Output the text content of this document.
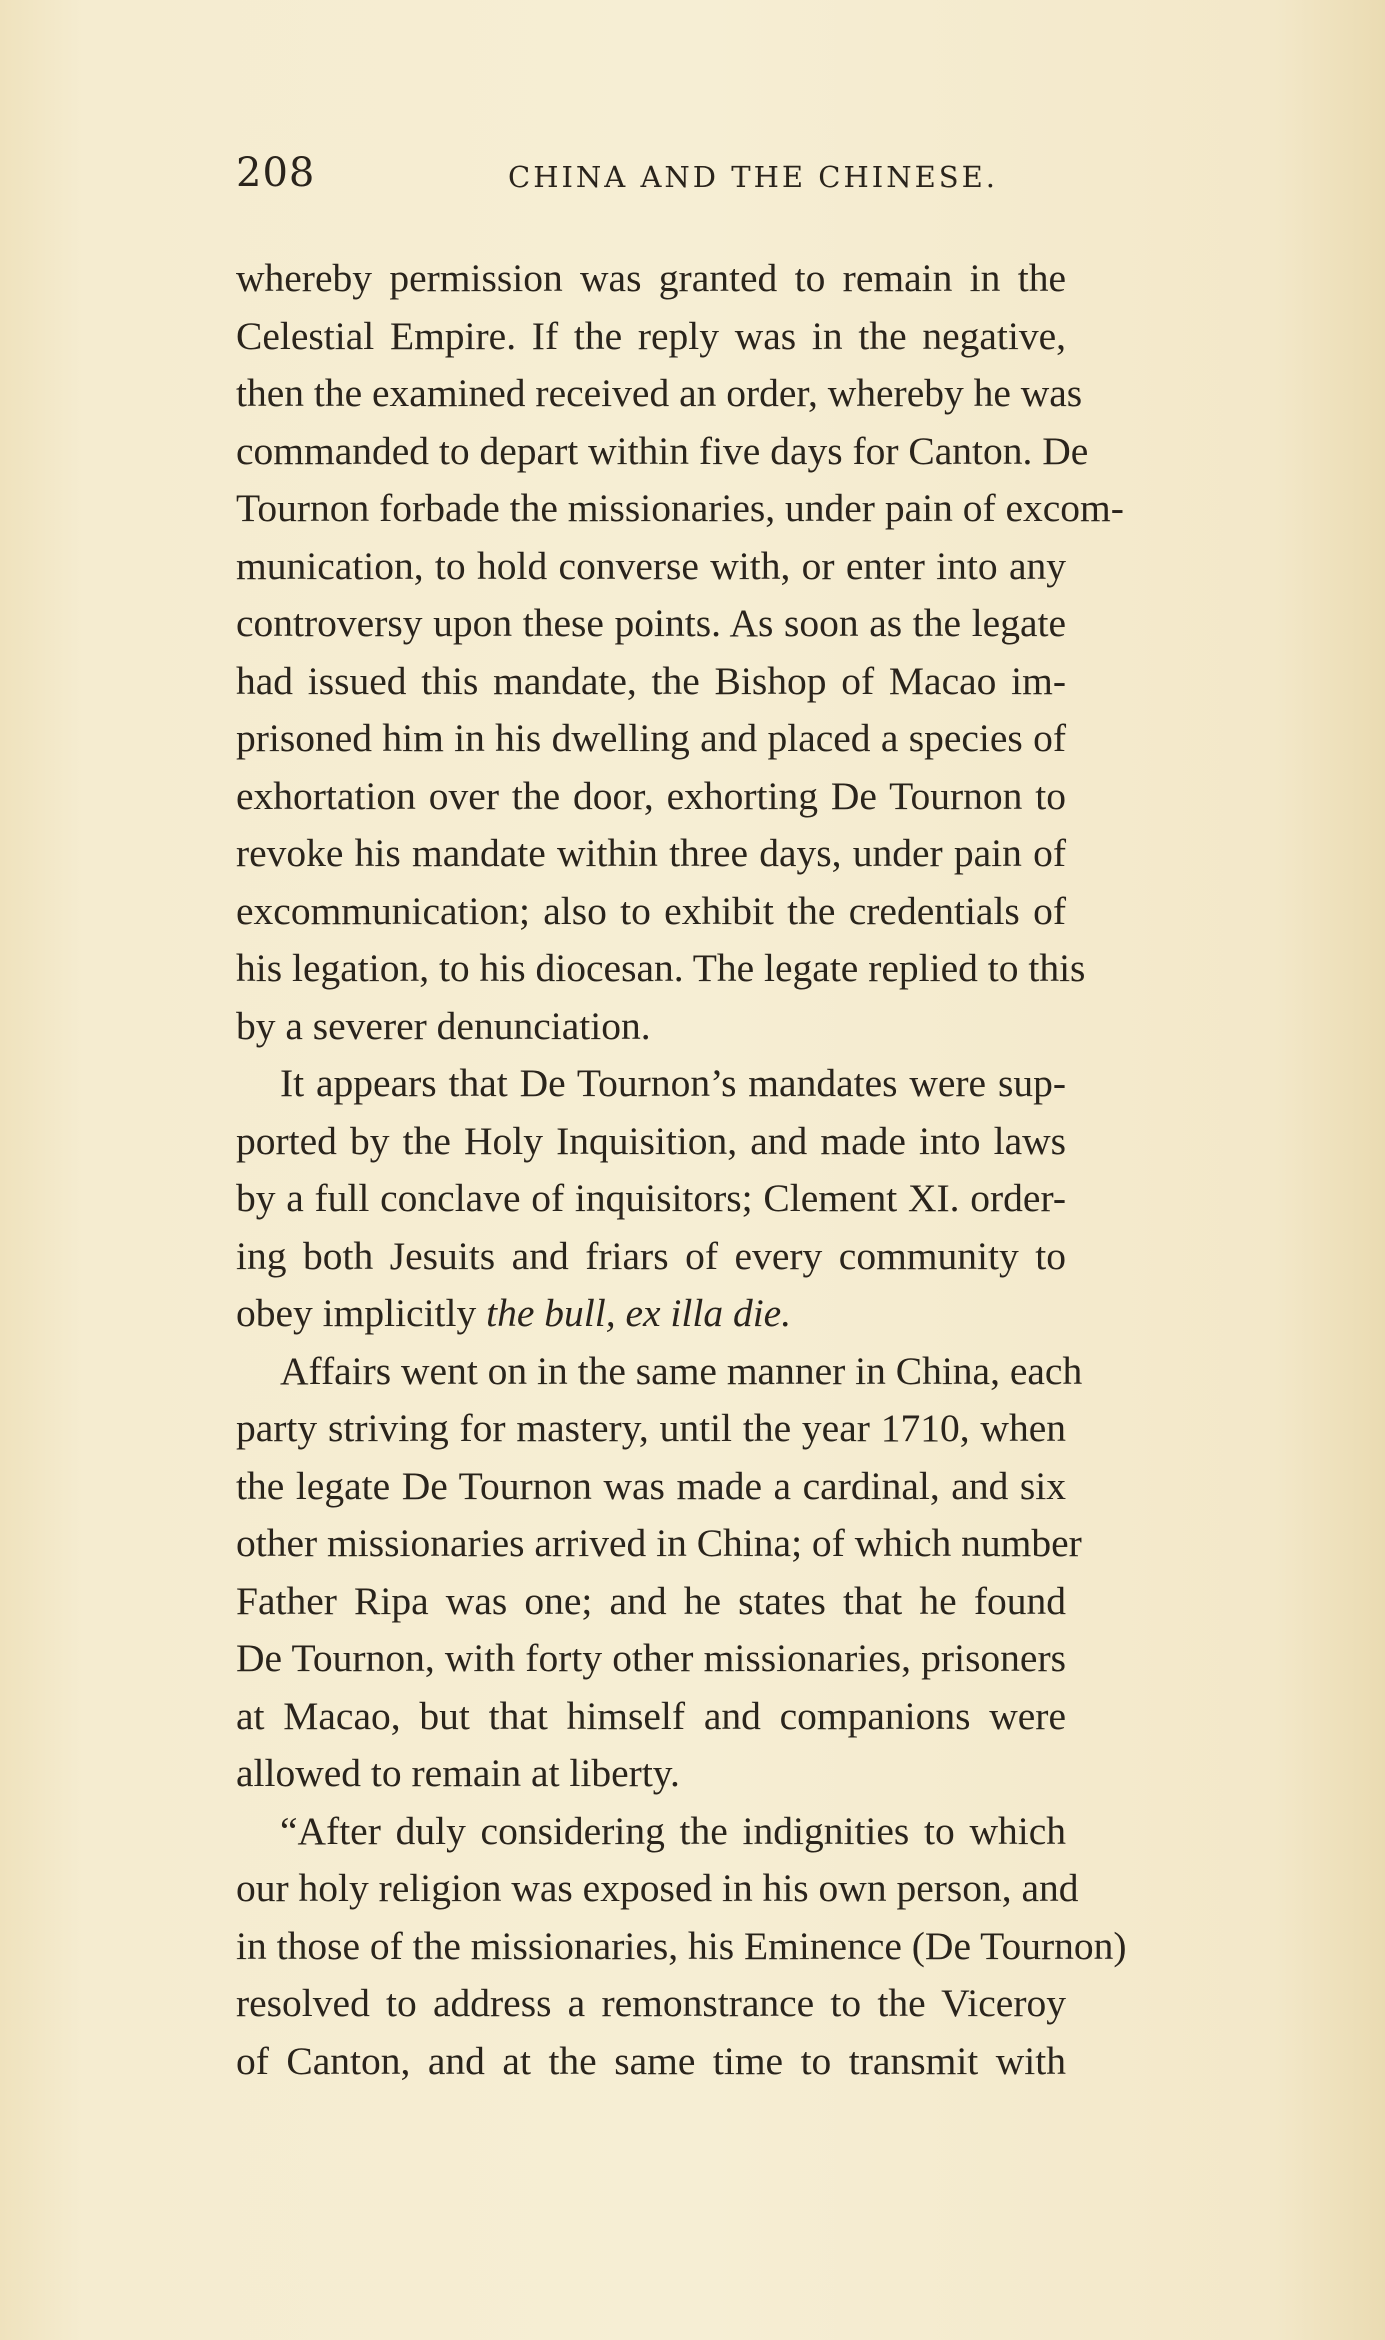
208	CHINA AND THE CHINESE.
whereby permission was granted to remain in the
Celestial Empire. If the reply was in the negative,
then the examined received an order, whereby he was
commanded to depart within five days for Canton. De
Tournon forbade the missionaries, under pain of excom-
munication, to hold converse with, or enter into any
controversy upon these points. As soon as the legate
had issued this mandate, the Bishop of Macao im-
prisoned him in his dwelling and placed a species of
exhortation over the door, exhorting De Tournon to
revoke his mandate within three days, under pain of
excommunication; also to exhibit the credentials of
his legation, to his diocesan. The legate replied to this
by a severer denunciation.
It appears that De Tournon’s mandates were sup-
ported by the Holy Inquisition, and made into laws
by a full conclave of inquisitors; Clement XI. order-
ing both Jesuits and friars of every community to
obey implicitly the bull, ex illa die.
Affairs went on in the same manner in China, each
party striving for mastery, until the year 1710, when
the legate De Tournon was made a cardinal, and six
other missionaries arrived in China; of which number
Father Ripa was one; and he states that he found
De Tournon, with forty other missionaries, prisoners
at Macao, but that himself and companions were
allowed to remain at liberty.
“After duly considering the indignities to which
our holy religion was exposed in his own person, and
in those of the missionaries, his Eminence (De Tournon)
resolved to address a remonstrance to the Viceroy
of Canton, and at the same time to transmit with
